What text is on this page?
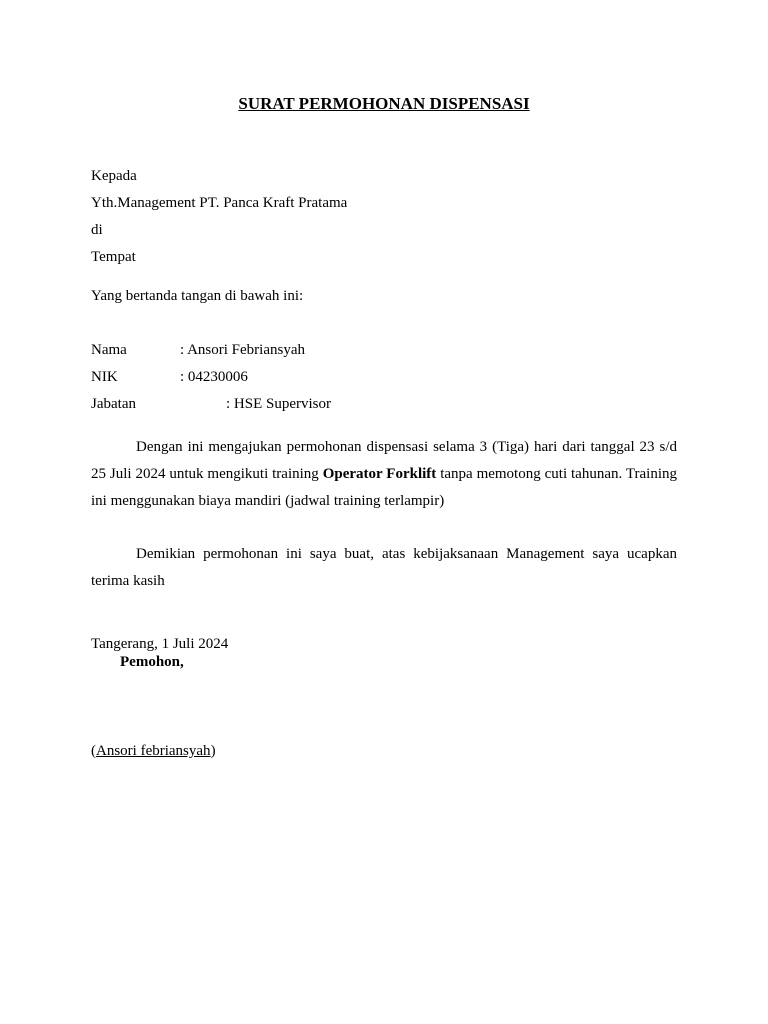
SURAT PERMOHONAN DISPENSASI
Kepada
Yth.Management PT. Panca Kraft Pratama
di
Tempat
Yang bertanda tangan di bawah ini:
Nama	: Ansori Febriansyah
NIK	: 04230006
Jabatan	: HSE Supervisor
Dengan ini mengajukan permohonan dispensasi selama 3 (Tiga) hari dari tanggal 23 s/d 25 Juli 2024 untuk mengikuti training Operator Forklift tanpa memotong cuti tahunan. Training ini menggunakan biaya mandiri (jadwal training terlampir)
Demikian permohonan ini saya buat, atas kebijaksanaan Management saya ucapkan terima kasih
Tangerang, 1 Juli 2024
Pemohon,
(Ansori febriansyah)
